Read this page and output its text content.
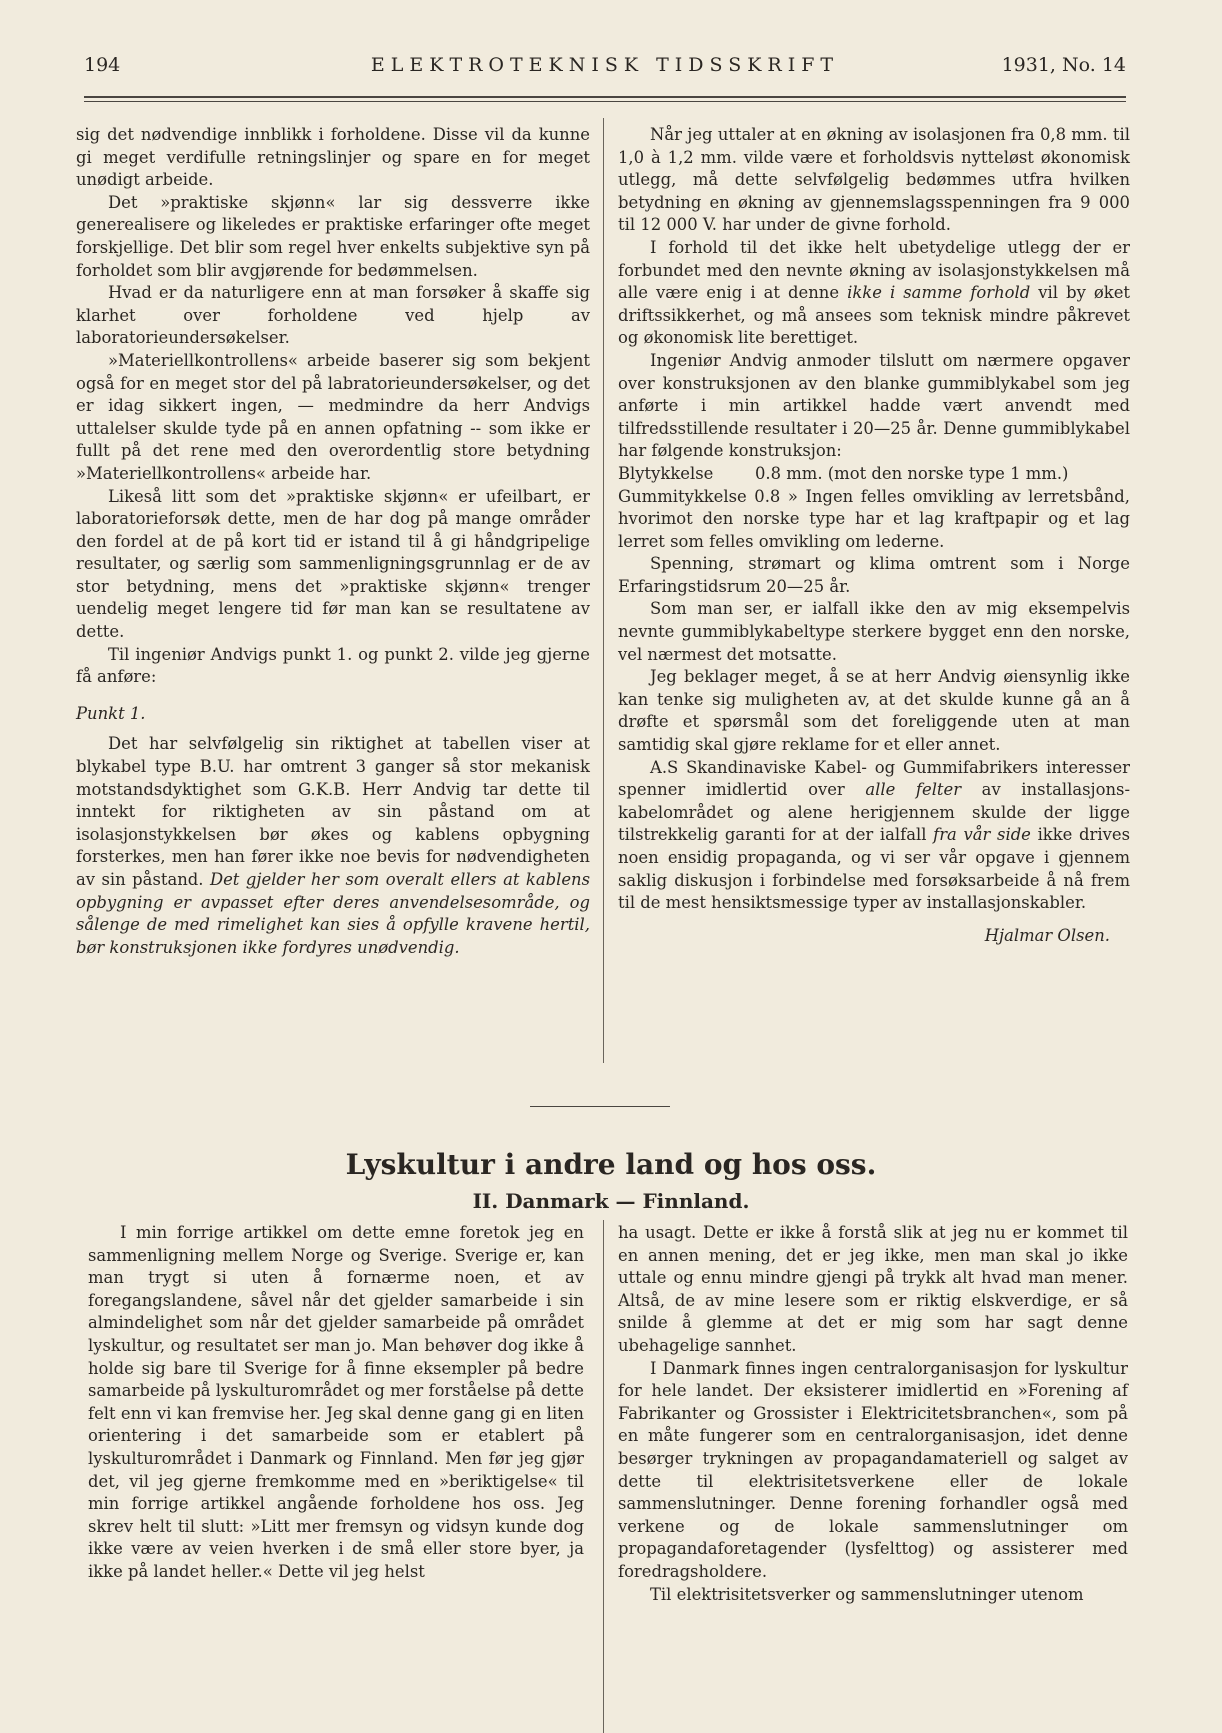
194	ELEKTROTEKNISK TIDSSKRIFT	1931, No. 14

sig det nødvendige innblikk i forholdene. Disse vil da kunne gi meget verdifulle retningslinjer og spare en for meget unødigt arbeide.

Det »praktiske skjønn« lar sig dessverre ikke generealisere og likeledes er praktiske erfaringer ofte meget forskjellige. Det blir som regel hver enkelts subjektive syn på forholdet som blir avgjørende for bedømmelsen.

Hvad er da naturligere enn at man forsøker å skaffe sig klarhet over forholdene ved hjelp av laboratorieundersøkelser.

»Materiellkontrollens« arbeide baserer sig som bekjent også for en meget stor del på labratorieundersøkelser, og det er idag sikkert ingen, — medmindre da herr Andvigs uttalelser skulde tyde på en annen opfatning -- som ikke er fullt på det rene med den overordentlig store betydning »Materiellkontrollens« arbeide har.

Likeså litt som det »praktiske skjønn« er ufeilbart, er laboratorieforsøk dette, men de har dog på mange områder den fordel at de på kort tid er istand til å gi håndgripelige resultater, og særlig som sammenligningsgrunnlag er de av stor betydning, mens det »praktiske skjønn« trenger uendelig meget lengere tid før man kan se resultatene av dette.

Til ingeniør Andvigs punkt 1. og punkt 2. vilde jeg gjerne få anføre:

Punkt 1.

Det har selvfølgelig sin riktighet at tabellen viser at blykabel type B.U. har omtrent 3 ganger så stor mekanisk motstandsdyktighet som G.K.B. Herr Andvig tar dette til inntekt for riktigheten av sin påstand om at isolasjonstykkelsen bør økes og kablens opbygning forsterkes, men han fører ikke noe bevis for nødvendigheten av sin påstand. Det gjelder her som overalt ellers at kablens opbygning er avpasset efter deres anvendelsesområde, og sålenge de med rimelighet kan sies å opfylle kravene hertil, bør konstruksjonen ikke fordyres unødvendig.

Når jeg uttaler at en økning av isolasjonen fra 0,8 mm. til 1,0 à 1,2 mm. vilde være et forholdsvis nytteløst økonomisk utlegg, må dette selvfølgelig bedømmes utfra hvilken betydning en økning av gjennemslagsspenningen fra 9 000 til 12 000 V. har under de givne forhold.

I forhold til det ikke helt ubetydelige utlegg der er forbundet med den nevnte økning av isolasjonstykkelsen må alle være enig i at denne ikke i samme forhold vil by øket driftssikkerhet, og må ansees som teknisk mindre påkrevet og økonomisk lite berettiget.

Ingeniør Andvig anmoder tilslutt om nærmere opgaver over konstruksjonen av den blanke gummiblykabel som jeg anførte i min artikkel hadde vært anvendt med tilfredsstillende resultater i 20—25 år. Denne gummiblykabel har følgende konstruksjon:

Blytykkelse        0.8 mm. (mot den norske type 1 mm.)

Gummitykkelse 0.8 » Ingen felles omvikling av lerretsbånd, hvorimot den norske type har et lag kraftpapir og et lag lerret som felles omvikling om lederne.

Spenning, strømart og klima omtrent som i Norge Erfaringstidsrum 20—25 år.

Som man ser, er ialfall ikke den av mig eksempelvis nevnte gummiblykabeltype sterkere bygget enn den norske, vel nærmest det motsatte.

Jeg beklager meget, å se at herr Andvig øiensynlig ikke kan tenke sig muligheten av, at det skulde kunne gå an å drøfte et spørsmål som det foreliggende uten at man samtidig skal gjøre reklame for et eller annet.

A.S Skandinaviske Kabel- og Gummifabrikers interesser spenner imidlertid over alle felter av installasjons-kabelområdet og alene herigjennem skulde der ligge tilstrekkelig garanti for at der ialfall fra vår side ikke drives noen ensidig propaganda, og vi ser vår opgave i gjennem saklig diskusjon i forbindelse med forsøksarbeide å nå frem til de mest hensiktsmessige typer av installasjonskabler.

Hjalmar Olsen.
Lyskultur i andre land og hos oss.
II. Danmark — Finnland.

I min forrige artikkel om dette emne foretok jeg en sammenligning mellem Norge og Sverige. Sverige er, kan man trygt si uten å fornærme noen, et av foregangslandene, såvel når det gjelder samarbeide i sin almindelighet som når det gjelder samarbeide på området lyskultur, og resultatet ser man jo. Man behøver dog ikke å holde sig bare til Sverige for å finne eksempler på bedre samarbeide på lyskulturområdet og mer forståelse på dette felt enn vi kan fremvise her. Jeg skal denne gang gi en liten orientering i det samarbeide som er etablert på lyskulturområdet i Danmark og Finnland. Men før jeg gjør det, vil jeg gjerne fremkomme med en »beriktigelse« til min forrige artikkel angående forholdene hos oss. Jeg skrev helt til slutt: »Litt mer fremsyn og vidsyn kunde dog ikke være av veien hverken i de små eller store byer, ja ikke på landet heller.« Dette vil jeg helst

ha usagt. Dette er ikke å forstå slik at jeg nu er kommet til en annen mening, det er jeg ikke, men man skal jo ikke uttale og ennu mindre gjengi på trykk alt hvad man mener. Altså, de av mine lesere som er riktig elskverdige, er så snilde å glemme at det er mig som har sagt denne ubehagelige sannhet.

I Danmark finnes ingen centralorganisasjon for lyskultur for hele landet. Der eksisterer imidlertid en »Forening af Fabrikanter og Grossister i Elektricitetsbranchen«, som på en måte fungerer som en centralorganisasjon, idet denne besørger trykningen av propagandamateriell og salget av dette til elektrisitetsverkene eller de lokale sammenslutninger. Denne forening forhandler også med verkene og de lokale sammenslutninger om propagandaforetagender (lysfelttog) og assisterer med foredragsholdere.

Til elektrisitetsverker og sammenslutninger utenom
